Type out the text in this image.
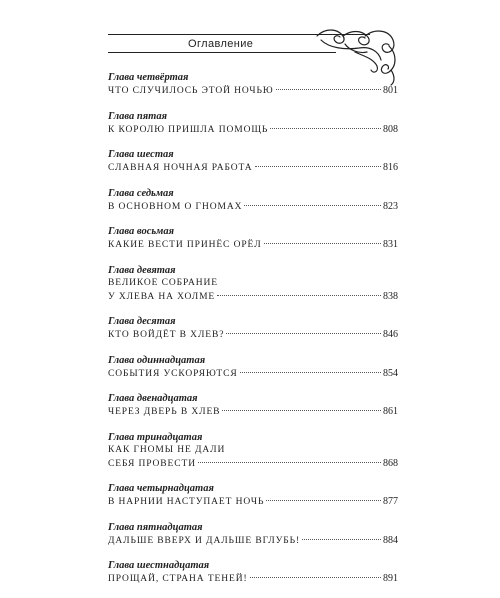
Оглавление
Глава четвёртая
ЧТО СЛУЧИЛОСЬ ЭТОЙ НОЧЬЮ	801
Глава пятая
К КОРОЛЮ ПРИШЛА ПОМОЩЬ	808
Глава шестая
СЛАВНАЯ НОЧНАЯ РАБОТА	816
Глава седьмая
В ОСНОВНОМ О ГНОМАХ	823
Глава восьмая
КАКИЕ ВЕСТИ ПРИНЁС ОРЁЛ	831
Глава девятая
ВЕЛИКОЕ СОБРАНИЕ
У ХЛЕВА НА ХОЛМЕ	838
Глава десятая
КТО ВОЙДЁТ В ХЛЕВ?	846
Глава одиннадцатая
СОБЫТИЯ УСКОРЯЮТСЯ	854
Глава двенадцатая
ЧЕРЕЗ ДВЕРЬ В ХЛЕВ	861
Глава тринадцатая
КАК ГНОМЫ НЕ ДАЛИ
СЕБЯ ПРОВЕСТИ	868
Глава четырнадцатая
В НАРНИИ НАСТУПАЕТ НОЧЬ	877
Глава пятнадцатая
ДАЛЬШЕ ВВЕРХ И ДАЛЬШЕ ВГЛУБЬ!	884
Глава шестнадцатая
ПРОЩАЙ, СТРАНА ТЕНЕЙ!	891
